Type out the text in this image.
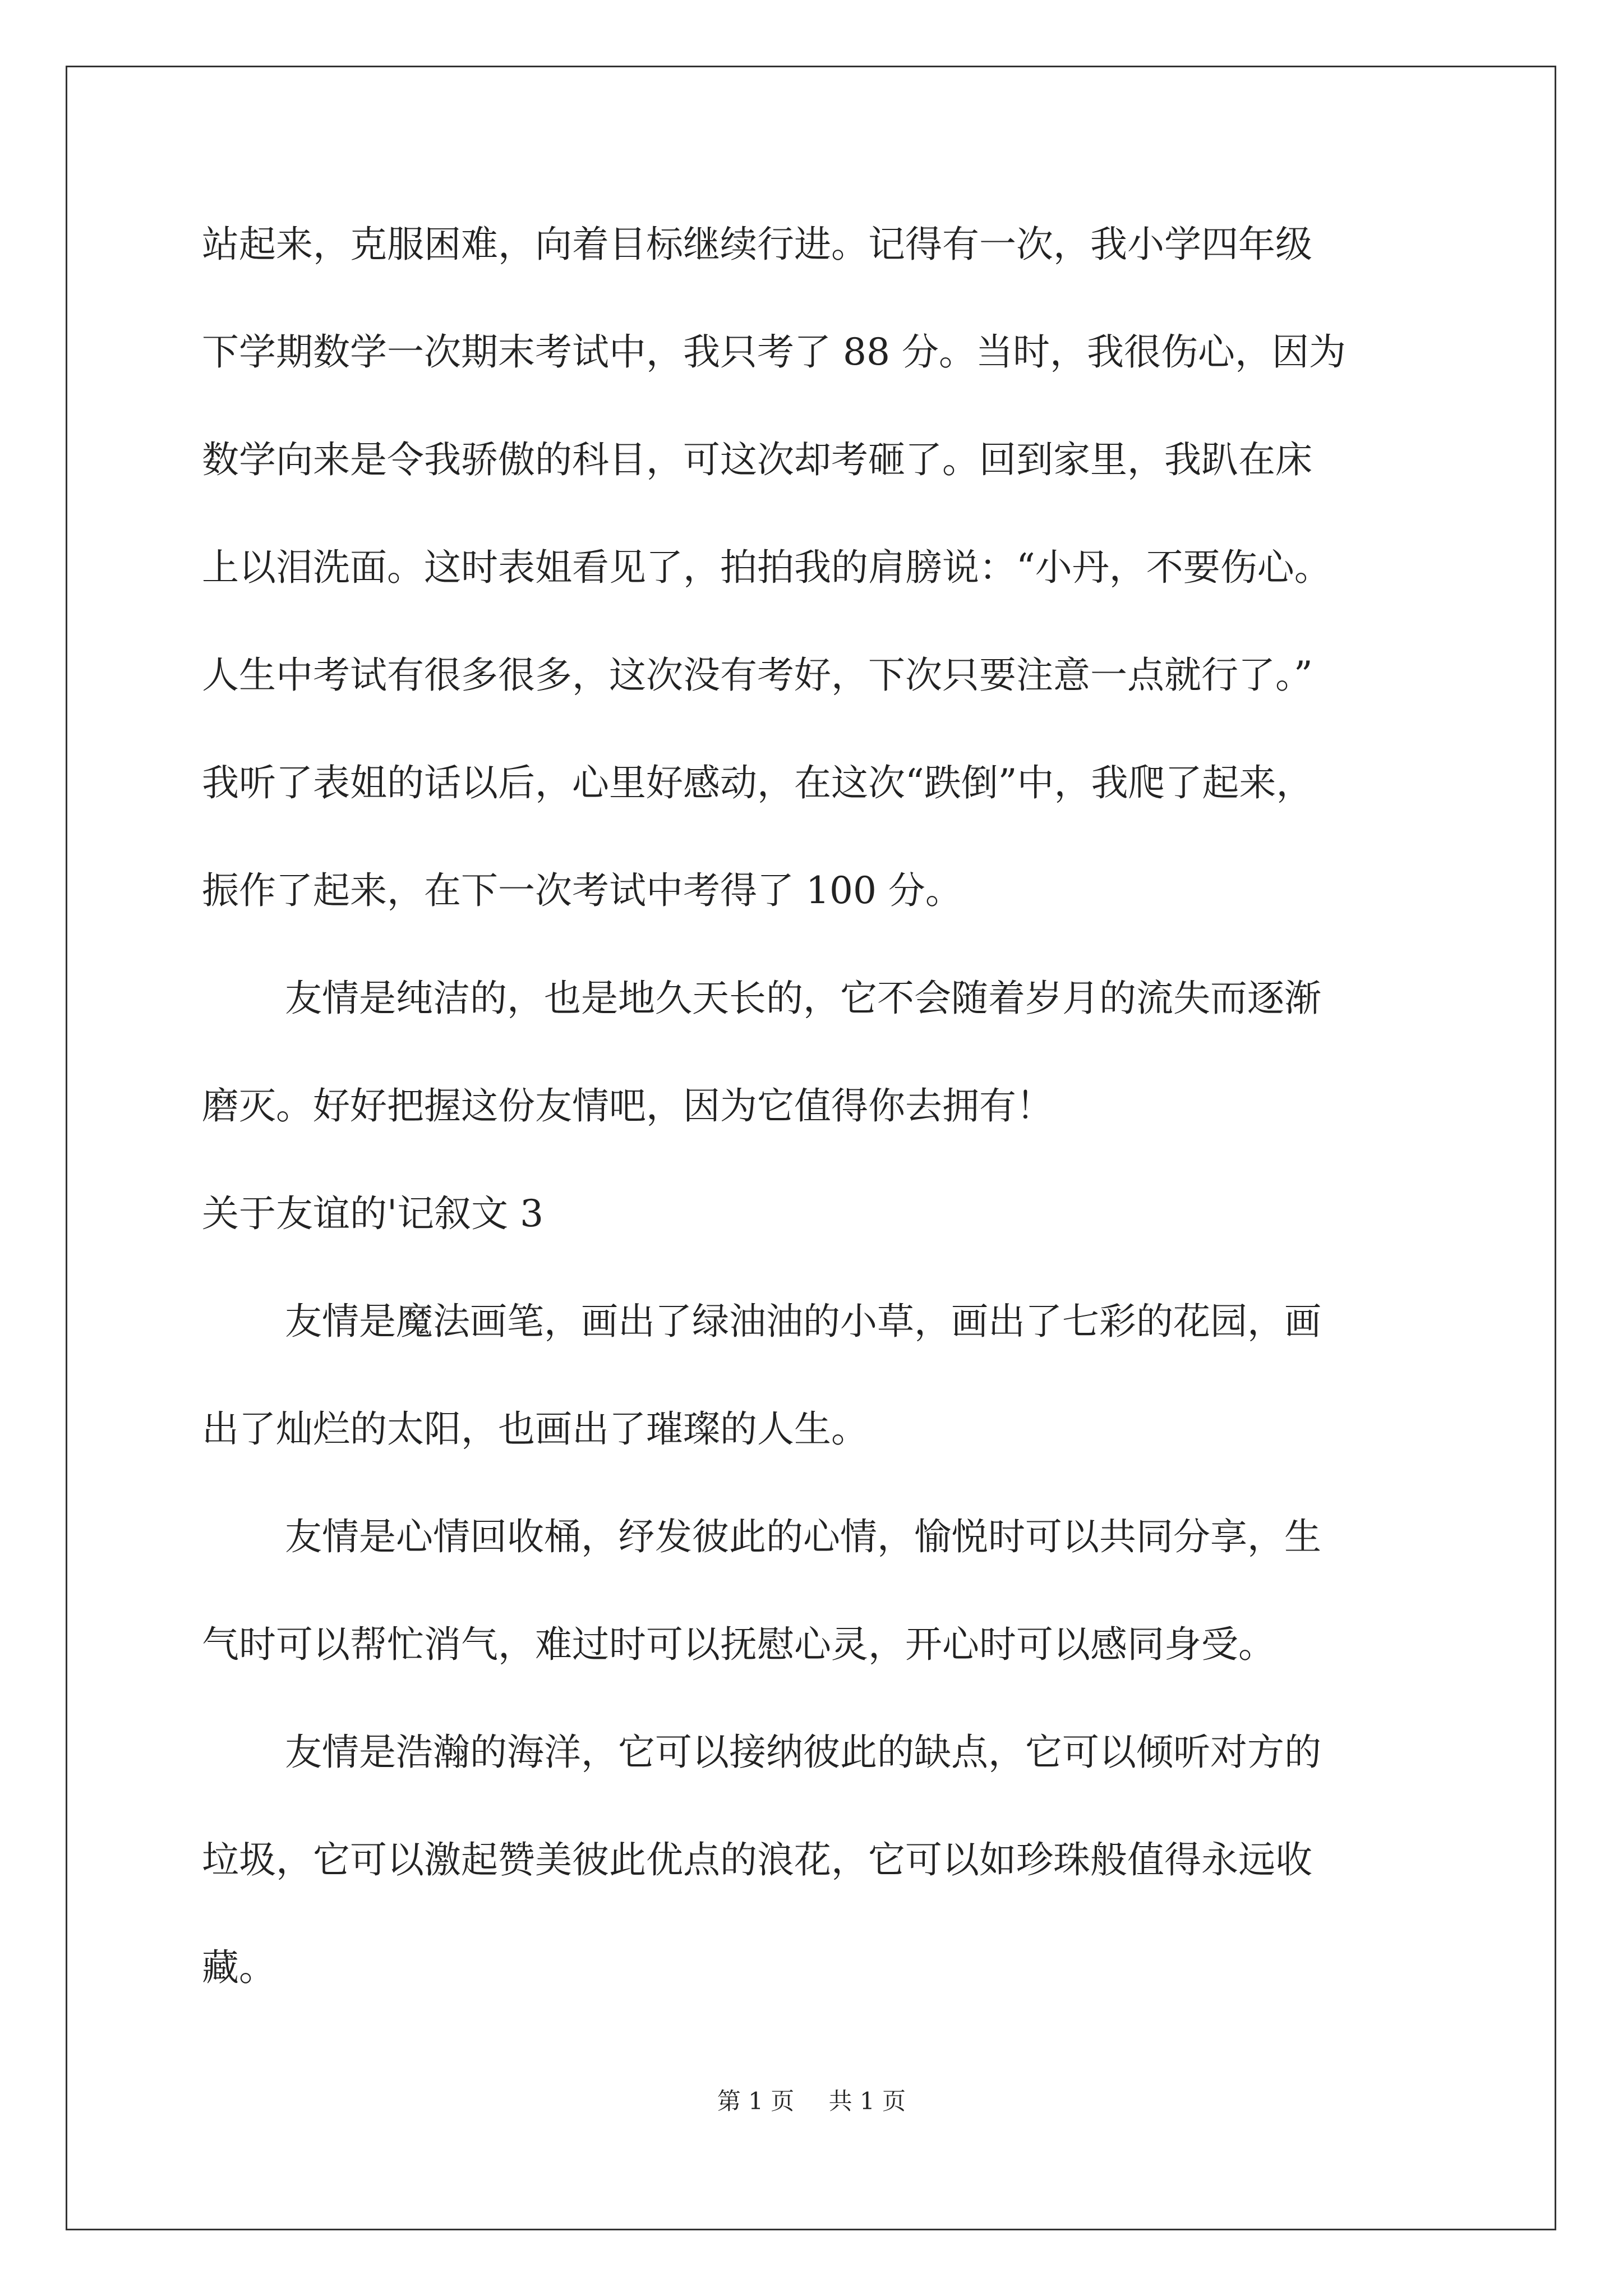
站起来，克服困难，向着目标继续行进。记得有一次，我小学四年级
下学期数学一次期末考试中，我只考了 88 分。当时，我很伤心，因为
数学向来是令我骄傲的科目，可这次却考砸了。回到家里，我趴在床
上以泪洗面。这时表姐看见了，拍拍我的肩膀说：“小丹，不要伤心。
人生中考试有很多很多，这次没有考好，下次只要注意一点就行了。”
我听了表姐的话以后，心里好感动，在这次“跌倒”中，我爬了起来，
振作了起来，在下一次考试中考得了 100 分。
友情是纯洁的，也是地久天长的，它不会随着岁月的流失而逐渐
磨灭。好好把握这份友情吧，因为它值得你去拥有！
关于友谊的'记叙文 3
友情是魔法画笔，画出了绿油油的小草，画出了七彩的花园，画
出了灿烂的太阳，也画出了璀璨的人生。
友情是心情回收桶，纾发彼此的心情，愉悦时可以共同分享，生
气时可以帮忙消气，难过时可以抚慰心灵，开心时可以感同身受。
友情是浩瀚的海洋，它可以接纳彼此的缺点，它可以倾听对方的
垃圾，它可以激起赞美彼此优点的浪花，它可以如珍珠般值得永远收
藏。
第 1 页 共 1 页
